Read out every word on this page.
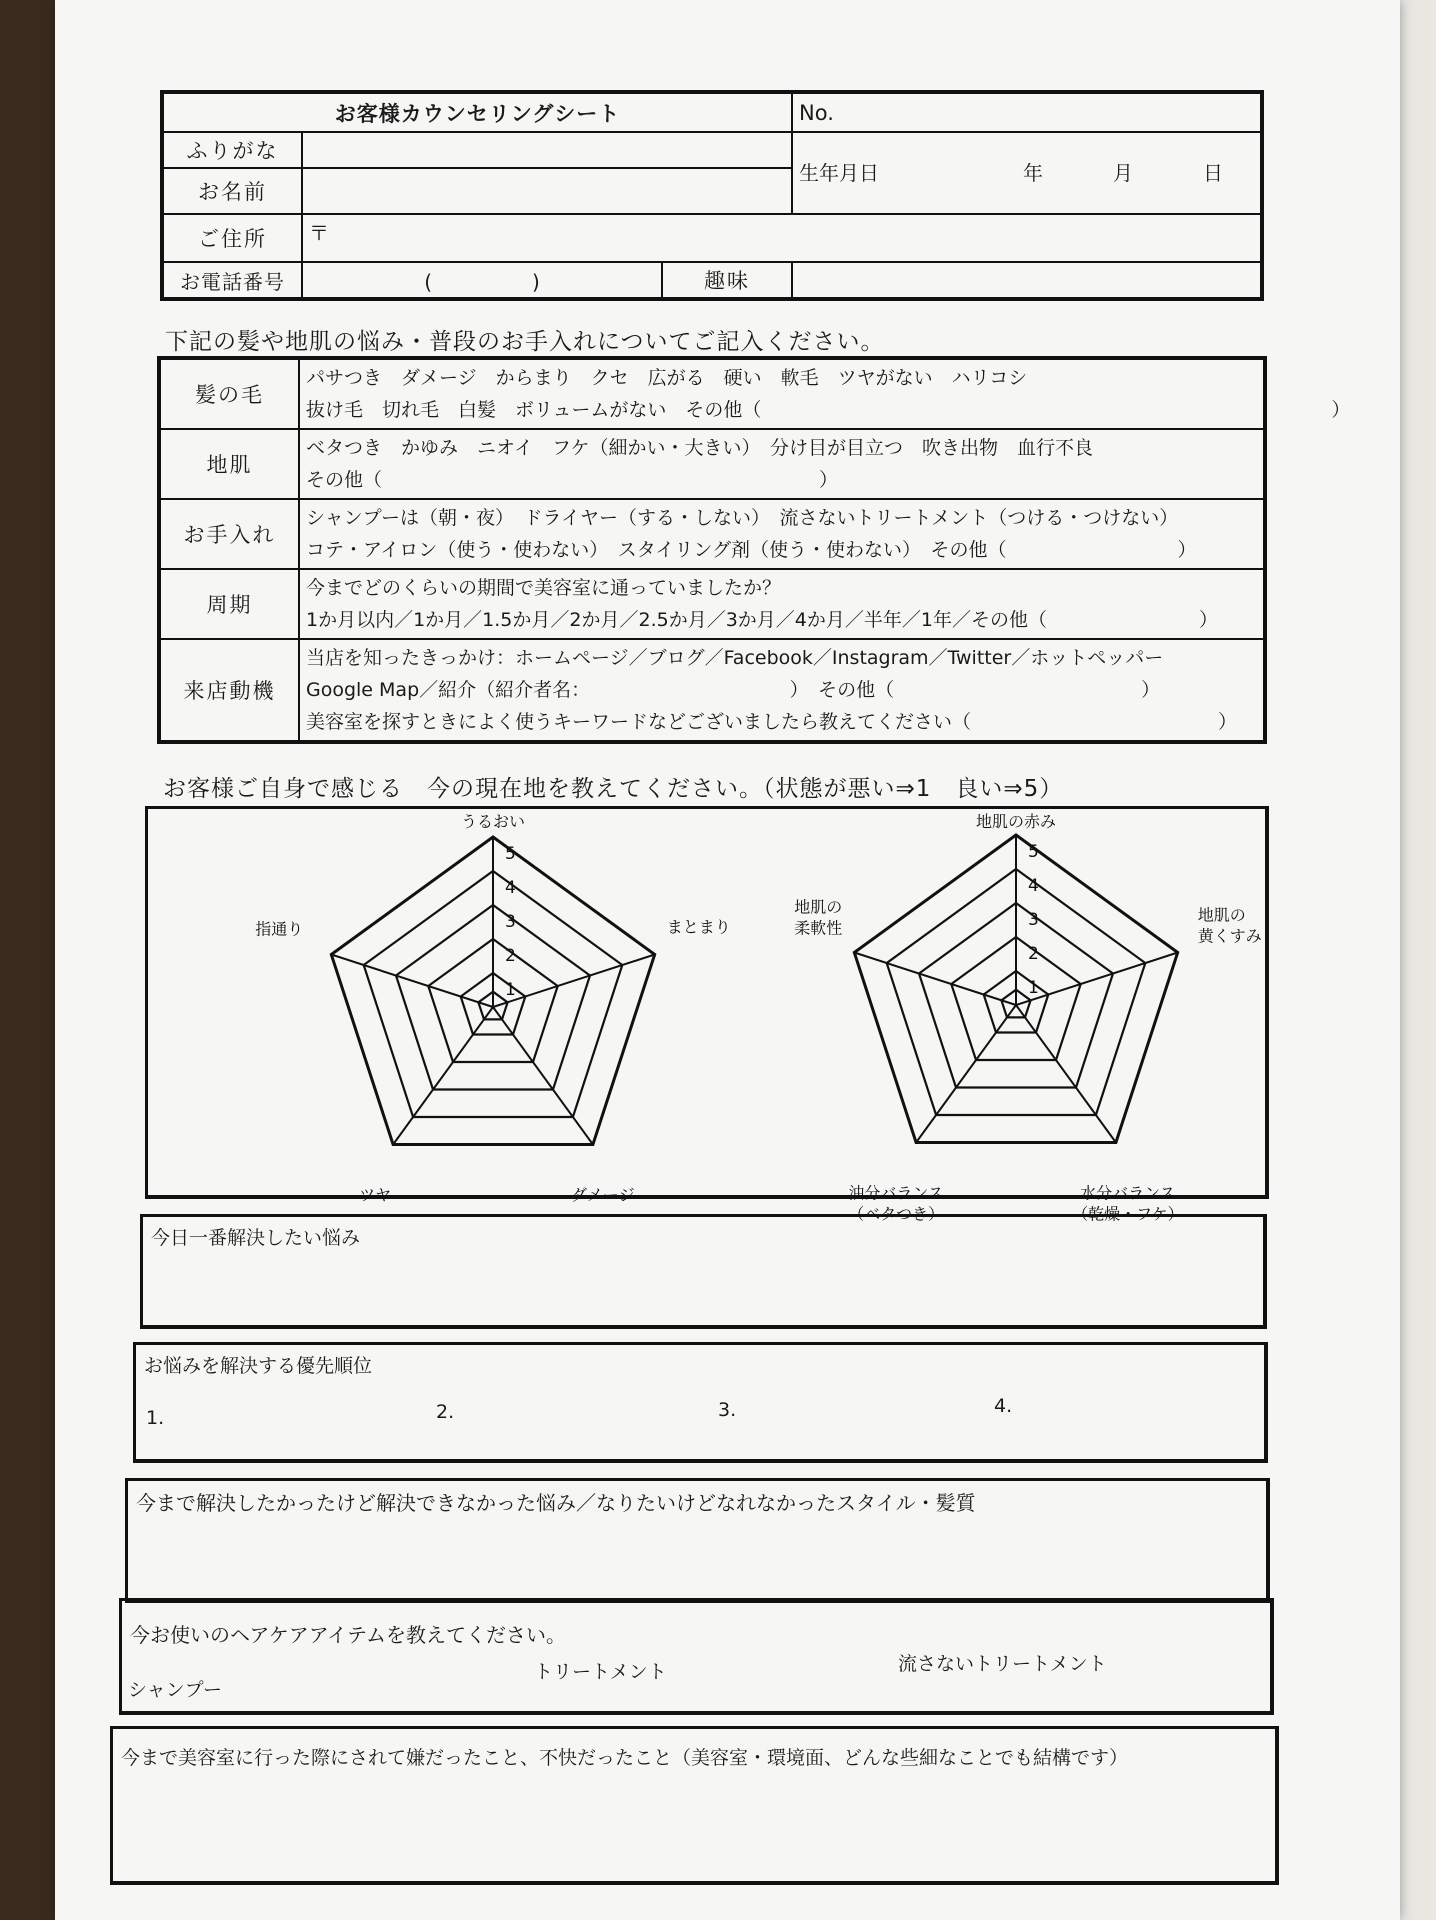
お客様カウンセリングシート			No.
ふりがな			生年月日 年 月 日

お名前			
ご住所	〒		
お電話番号	(　　　　　)	趣味	
下記の髪や地肌の悩み・普段のお手入れについてご記入ください。
髪の毛	パサつき　ダメージ　からまり　クセ　広がる　硬い　軟毛　ツヤがない　ハリコシ
抜け毛　切れ毛　白髪　ボリュームがない　その他（　　　　　　　　　　　　　　　　　　　　　　　　　　　　　　）

地肌	ベタつき　かゆみ　ニオイ　フケ（細かい・大きい）　分け目が目立つ　吹き出物　血行不良
その他（　　　　　　　　　　　　　　　　　　　　　　　）

お手入れ	シャンプーは（朝・夜）　ドライヤー（する・しない）　流さないトリートメント（つける・つけない）
コテ・アイロン（使う・使わない）　スタイリング剤（使う・使わない）　その他（　　　　　　　　　）

周期	今までどのくらいの期間で美容室に通っていましたか？
1か月以内／1か月／1.5か月／2か月／2.5か月／3か月／4か月／半年／1年／その他（　　　　　　　　）

来店動機	当店を知ったきっかけ：ホームページ／ブログ／Facebook／Instagram／Twitter／ホットペッパー
Google Map／紹介（紹介者名：　　　　　　　　　　　）　その他（　　　　　　　　　　　　　）
美容室を探すときによく使うキーワードなどございましたら教えてください（　　　　　　　　　　　　　）
お客様ご自身で感じる　今の現在地を教えてください。（状態が悪い⇒1　良い⇒5）
1
2
3
4
5
うるおい
まとまり
ダメージ
ツヤ
指通り
1
2
3
4
5
地肌の赤み
地肌の
黄くすみ
水分バランス
（乾燥・フケ）
油分バランス
（ベタつき）
地肌の
柔軟性
今日一番解決したい悩み
お悩みを解決する優先順位
1.	2.	3.	4.
今まで解決したかったけど解決できなかった悩み／なりたいけどなれなかったスタイル・髪質
今お使いのヘアケアアイテムを教えてください。
シャンプー
トリートメント	流さないトリートメント
今まで美容室に行った際にされて嫌だったこと、不快だったこと（美容室・環境面、どんな些細なことでも結構です）
